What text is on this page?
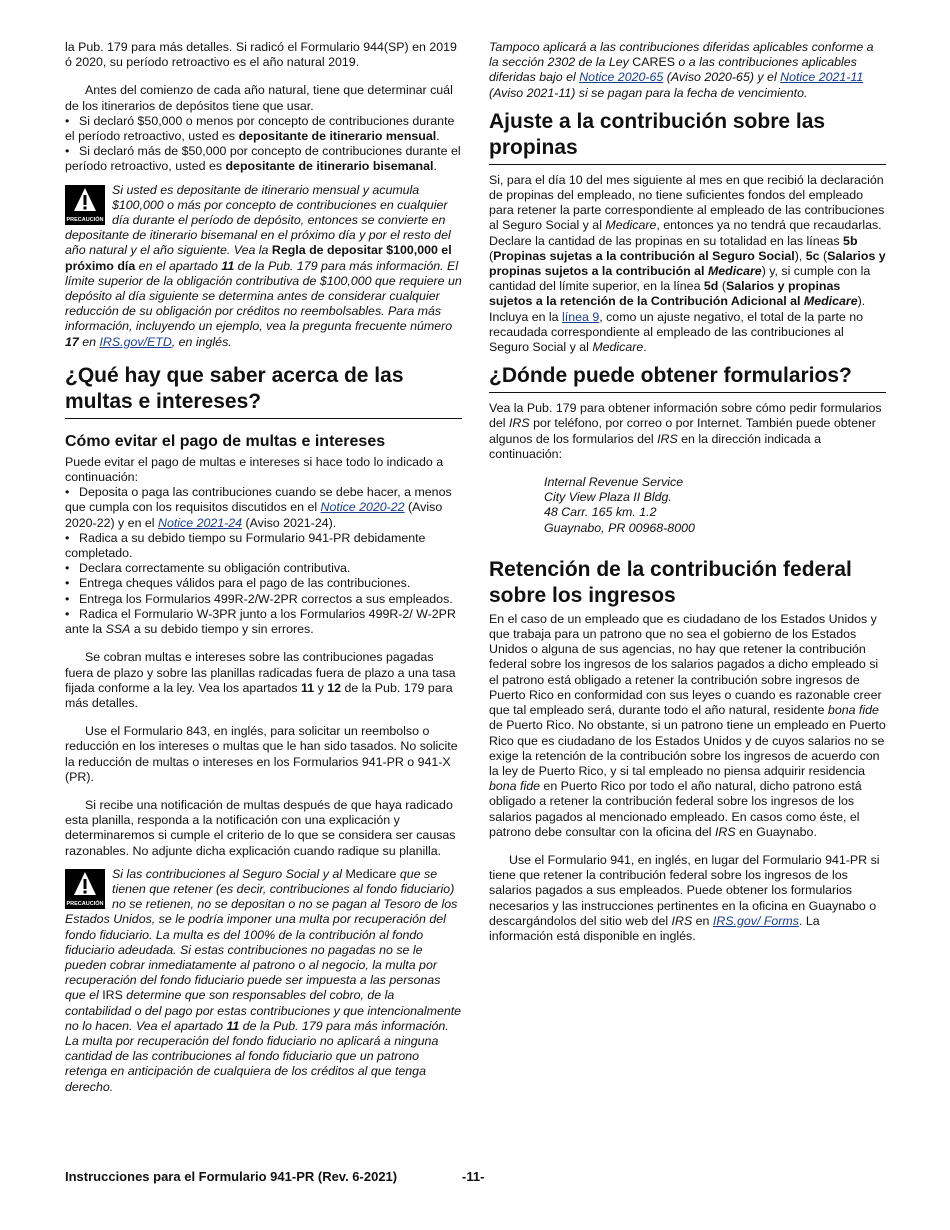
la Pub. 179 para más detalles. Si radicó el Formulario 944(SP) en 2019 ó 2020, su período retroactivo es el año natural 2019.

Antes del comienzo de cada año natural, tiene que determinar cuál de los itinerarios de depósitos tiene que usar.

• Si declaró $50,000 o menos por concepto de contribuciones durante el período retroactivo, usted es depositante de itinerario mensual.

• Si declaró más de $50,000 por concepto de contribuciones durante el período retroactivo, usted es depositante de itinerario bisemanal.

PRECAUCIÓN
Si usted es depositante de itinerario mensual y acumula $100,000 o más por concepto de contribuciones en cualquier día durante el período de depósito, entonces se convierte en depositante de itinerario bisemanal en el próximo día y por el resto del año natural y el año siguiente. Vea la Regla de depositar $100,000 el próximo día en el apartado 11 de la Pub. 179 para más información. El límite superior de la obligación contributiva de $100,000 que requiere un depósito al día siguiente se determina antes de considerar cualquier reducción de su obligación por créditos no reembolsables. Para más información, incluyendo un ejemplo, vea la pregunta frecuente número 17 en IRS.gov/ETD, en inglés.
¿Qué hay que saber acerca de las multas e intereses?
Cómo evitar el pago de multas e intereses

Puede evitar el pago de multas e intereses si hace todo lo indicado a continuación:

• Deposita o paga las contribuciones cuando se debe hacer, a menos que cumpla con los requisitos discutidos en el Notice 2020-22 (Aviso 2020-22) y en el Notice 2021-24 (Aviso 2021-24).

• Radica a su debido tiempo su Formulario 941-PR debidamente completado.

• Declara correctamente su obligación contributiva.

• Entrega cheques válidos para el pago de las contribuciones.

• Entrega los Formularios 499R-2/W-2PR correctos a sus empleados.

• Radica el Formulario W-3PR junto a los Formularios 499R-2/ W-2PR ante la SSA a su debido tiempo y sin errores.

Se cobran multas e intereses sobre las contribuciones pagadas fuera de plazo y sobre las planillas radicadas fuera de plazo a una tasa fijada conforme a la ley. Vea los apartados 11 y 12 de la Pub. 179 para más detalles.

Use el Formulario 843, en inglés, para solicitar un reembolso o reducción en los intereses o multas que le han sido tasados. No solicite la reducción de multas o intereses en los Formularios 941-PR o 941-X (PR).

Si recibe una notificación de multas después de que haya radicado esta planilla, responda a la notificación con una explicación y determinaremos si cumple el criterio de lo que se considera ser causas razonables. No adjunte dicha explicación cuando radique su planilla.

PRECAUCIÓN
Si las contribuciones al Seguro Social y al Medicare que se tienen que retener (es decir, contribuciones al fondo fiduciario) no se retienen, no se depositan o no se pagan al Tesoro de los Estados Unidos, se le podría imponer una multa por recuperación del fondo fiduciario. La multa es del 100% de la contribución al fondo fiduciario adeudada. Si estas contribuciones no pagadas no se le pueden cobrar inmediatamente al patrono o al negocio, la multa por recuperación del fondo fiduciario puede ser impuesta a las personas que el IRS determine que son responsables del cobro, de la contabilidad o del pago por estas contribuciones y que intencionalmente no lo hacen. Vea el apartado 11 de la Pub. 179 para más información. La multa por recuperación del fondo fiduciario no aplicará a ninguna cantidad de las contribuciones al fondo fiduciario que un patrono retenga en anticipación de cualquiera de los créditos al que tenga derecho.

Tampoco aplicará a las contribuciones diferidas aplicables conforme a la sección 2302 de la Ley CARES o a las contribuciones aplicables diferidas bajo el Notice 2020-65 (Aviso 2020-65) y el Notice 2021-11 (Aviso 2021-11) si se pagan para la fecha de vencimiento.

Ajuste a la contribución sobre las propinas

Si, para el día 10 del mes siguiente al mes en que recibió la declaración de propinas del empleado, no tiene suficientes fondos del empleado para retener la parte correspondiente al empleado de las contribuciones al Seguro Social y al Medicare, entonces ya no tendrá que recaudarlas. Declare la cantidad de las propinas en su totalidad en las líneas 5b (Propinas sujetas a la contribución al Seguro Social), 5c (Salarios y propinas sujetos a la contribución al Medicare) y, si cumple con la cantidad del límite superior, en la línea 5d (Salarios y propinas sujetos a la retención de la Contribución Adicional al Medicare). Incluya en la línea 9, como un ajuste negativo, el total de la parte no recaudada correspondiente al empleado de las contribuciones al Seguro Social y al Medicare.

¿Dónde puede obtener formularios?

Vea la Pub. 179 para obtener información sobre cómo pedir formularios del IRS por teléfono, por correo o por Internet. También puede obtener algunos de los formularios del IRS en la dirección indicada a continuación:

Internal Revenue Service

City View Plaza II Bldg.

48 Carr. 165 km. 1.2

Guaynabo, PR 00968-8000

Retención de la contribución federal sobre los ingresos

En el caso de un empleado que es ciudadano de los Estados Unidos y que trabaja para un patrono que no sea el gobierno de los Estados Unidos o alguna de sus agencias, no hay que retener la contribución federal sobre los ingresos de los salarios pagados a dicho empleado si el patrono está obligado a retener la contribución sobre ingresos de Puerto Rico en conformidad con sus leyes o cuando es razonable creer que tal empleado será, durante todo el año natural, residente bona fide de Puerto Rico. No obstante, si un patrono tiene un empleado en Puerto Rico que es ciudadano de los Estados Unidos y de cuyos salarios no se exige la retención de la contribución sobre los ingresos de acuerdo con la ley de Puerto Rico, y si tal empleado no piensa adquirir residencia bona fide en Puerto Rico por todo el año natural, dicho patrono está obligado a retener la contribución federal sobre los ingresos de los salarios pagados al mencionado empleado. En casos como éste, el patrono debe consultar con la oficina del IRS en Guaynabo.

Use el Formulario 941, en inglés, en lugar del Formulario 941-PR si tiene que retener la contribución federal sobre los ingresos de los salarios pagados a sus empleados. Puede obtener los formularios necesarios y las instrucciones pertinentes en la oficina en Guaynabo o descargándolos del sitio web del IRS en IRS.gov/ Forms. La información está disponible en inglés.

Instrucciones para el Formulario 941-PR (Rev. 6-2021)	-11-
